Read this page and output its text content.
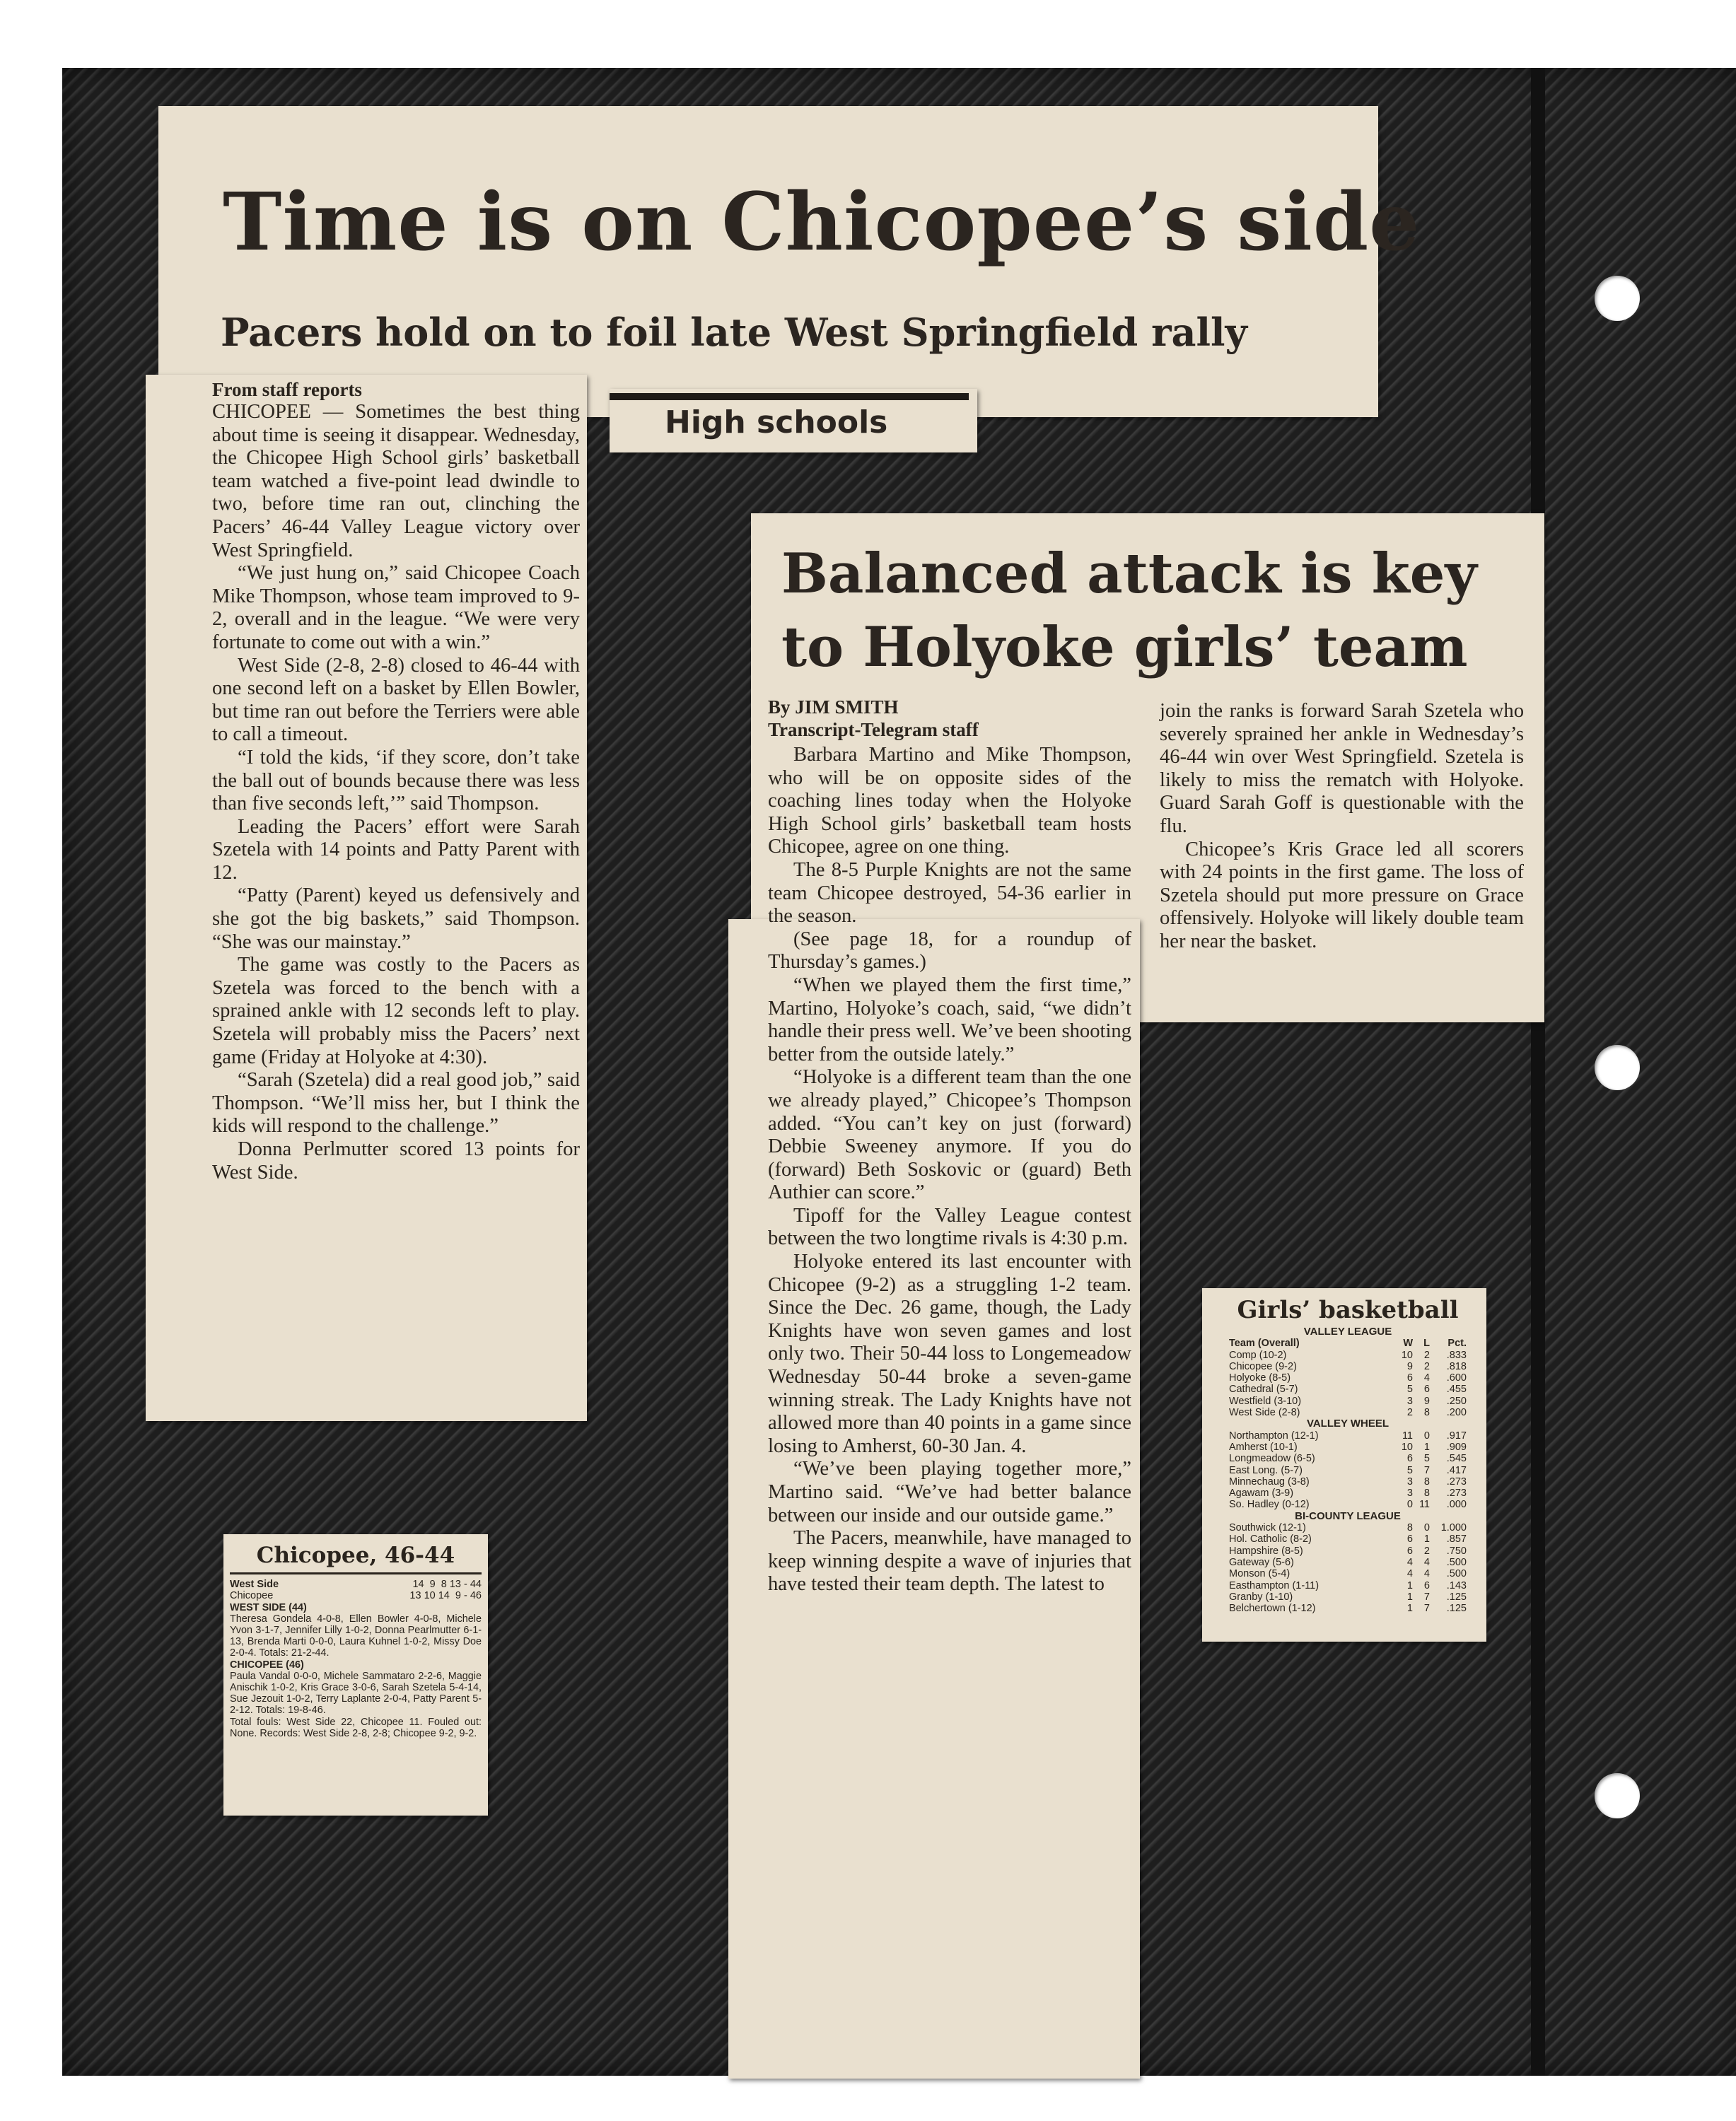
Time is on Chicopee’s side
Pacers hold on to foil late West Springfield rally
High schools
From staff reports

CHICOPEE — Sometimes the best thing about time is seeing it disappear. Wednesday, the Chicopee High School girls’ basketball team watched a five-point lead dwindle to two, before time ran out, clinching the Pacers’ 46-44 Valley League victory over West Springfield.

“We just hung on,” said Chicopee Coach Mike Thompson, whose team improved to 9-2, overall and in the league. “We were very fortunate to come out with a win.”

West Side (2-8, 2-8) closed to 46-44 with one second left on a basket by Ellen Bowler, but time ran out before the Terriers were able to call a timeout.

“I told the kids, ‘if they score, don’t take the ball out of bounds because there was less than five seconds left,’” said Thompson.

Leading the Pacers’ effort were Sarah Szetela with 14 points and Patty Parent with 12.

“Patty (Parent) keyed us defensively and she got the big baskets,” said Thompson. “She was our mainstay.”

The game was costly to the Pacers as Szetela was forced to the bench with a sprained ankle with 12 seconds left to play. Szetela will probably miss the Pacers’ next game (Friday at Holyoke at 4:30).

“Sarah (Szetela) did a real good job,” said Thompson. “We’ll miss her, but I think the kids will respond to the challenge.”

Donna Perlmutter scored 13 points for West Side.

Chicopee, 46-44
West Side	14  9  8 13 - 44
Chicopee	13 10 14  9 - 46
WEST SIDE (44)
Theresa Gondela 4-0-8, Ellen Bowler 4-0-8, Michele Yvon 3-1-7, Jennifer Lilly 1-0-2, Donna Pearlmutter 6-1-13, Brenda Marti 0-0-0, Laura Kuhnel 1-0-2, Missy Doe 2-0-4. Totals: 21-2-44.
CHICOPEE (46)
Paula Vandal 0-0-0, Michele Sammataro 2-2-6, Maggie Anischik 1-0-2, Kris Grace 3-0-6, Sarah Szetela 5-4-14, Sue Jezouit 1-0-2, Terry Laplante 2-0-4, Patty Parent 5-2-12. Totals: 19-8-46.
Total fouls: West Side 22, Chicopee 11. Fouled out: None. Records: West Side 2-8, 2-8; Chicopee 9-2, 9-2.
Balanced attack is key
to Holyoke girls’ team
By JIM SMITH
Transcript-Telegram staff

Barbara Martino and Mike Thompson, who will be on opposite sides of the coaching lines today when the Holyoke High School girls’ basketball team hosts Chicopee, agree on one thing.

The 8-5 Purple Knights are not the same team Chicopee destroyed, 54-36 earlier in the season.

(See page 18, for a roundup of Thursday’s games.)

“When we played them the first time,” Martino, Holyoke’s coach, said, “we didn’t handle their press well. We’ve been shooting better from the outside lately.”

“Holyoke is a different team than the one we already played,” Chicopee’s Thompson added. “You can’t key on just (forward) Debbie Sweeney anymore. If you do (forward) Beth Soskovic or (guard) Beth Authier can score.”

Tipoff for the Valley League contest between the two longtime rivals is 4:30 p.m.

Holyoke entered its last encounter with Chicopee (9-2) as a struggling 1-2 team. Since the Dec. 26 game, though, the Lady Knights have won seven games and lost only two. Their 50-44 loss to Longemeadow Wednesday 50-44 broke a seven-game winning streak. The Lady Knights have not allowed more than 40 points in a game since losing to Amherst, 60-30 Jan. 4.

“We’ve been playing together more,” Martino said. “We’ve had better balance between our inside and our outside game.”

The Pacers, meanwhile, have managed to keep winning despite a wave of injuries that have tested their team depth. The latest to

join the ranks is forward Sarah Szetela who severely sprained her ankle in Wednesday’s 46-44 win over West Springfield. Szetela is likely to miss the rematch with Holyoke. Guard Sarah Goff is questionable with the flu.

Chicopee’s Kris Grace led all scorers with 24 points in the first game. The loss of Szetela should put more pressure on Grace offensively. Holyoke will likely double team her near the basket.

Girls’ basketball
VALLEY LEAGUE
Team (Overall)	W	L	Pct.
Comp (10-2)	10	2	.833
Chicopee (9-2)	9	2	.818
Holyoke (8-5)	6	4	.600
Cathedral (5-7)	5	6	.455
Westfield (3-10)	3	9	.250
West Side (2-8)	2	8	.200
VALLEY WHEEL
Northampton (12-1)	11	0	.917
Amherst (10-1)	10	1	.909
Longmeadow (6-5)	6	5	.545
East Long. (5-7)	5	7	.417
Minnechaug (3-8)	3	8	.273
Agawam (3-9)	3	8	.273
So. Hadley (0-12)	0 11	.000
BI-COUNTY LEAGUE
Southwick (12-1)	8	0	1.000
Hol. Catholic (8-2)	6	1	.857
Hampshire (8-5)	6	2	.750
Gateway (5-6)	4	4	.500
Monson (5-4)	4	4	.500
Easthampton (1-11)	1	6	.143
Granby (1-10)	1	7	.125
Belchertown (1-12)	1	7	.125
